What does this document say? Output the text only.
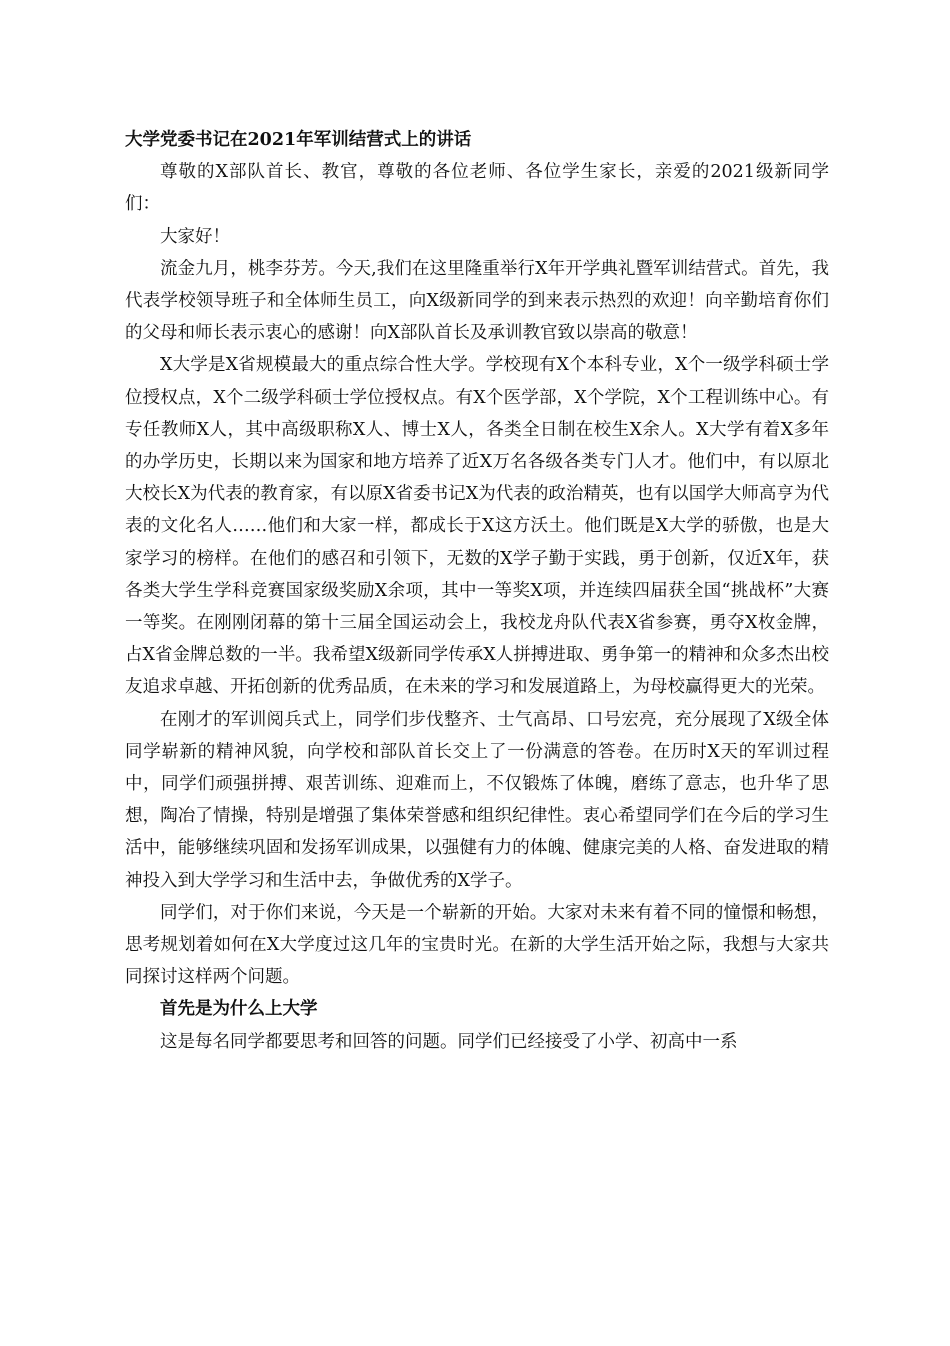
大学党委书记在2021年军训结营式上的讲话

尊敬的X部队首长、教官，尊敬的各位老师、各位学生家长，亲爱的2021级新同学们：

大家好！

流金九月，桃李芬芳。今天,我们在这里隆重举行X年开学典礼暨军训结营式。首先，我代表学校领导班子和全体师生员工，向X级新同学的到来表示热烈的欢迎！向辛勤培育你们的父母和师长表示衷心的感谢！向X部队首长及承训教官致以崇高的敬意！

X大学是X省规模最大的重点综合性大学。学校现有X个本科专业，X个一级学科硕士学位授权点，X个二级学科硕士学位授权点。有X个医学部，X个学院，X个工程训练中心。有专任教师X人，其中高级职称X人、博士X人，各类全日制在校生X余人。X大学有着X多年的办学历史，长期以来为国家和地方培养了近X万名各级各类专门人才。他们中，有以原北大校长X为代表的教育家，有以原X省委书记X为代表的政治精英，也有以国学大师高亨为代表的文化名人……他们和大家一样，都成长于X这方沃土。他们既是X大学的骄傲，也是大家学习的榜样。在他们的感召和引领下，无数的X学子勤于实践，勇于创新，仅近X年，获各类大学生学科竞赛国家级奖励X余项，其中一等奖X项，并连续四届获全国“挑战杯”大赛一等奖。在刚刚闭幕的第十三届全国运动会上，我校龙舟队代表X省参赛，勇夺X枚金牌，占X省金牌总数的一半。我希望X级新同学传承X人拼搏进取、勇争第一的精神和众多杰出校友追求卓越、开拓创新的优秀品质，在未来的学习和发展道路上，为母校赢得更大的光荣。

在刚才的军训阅兵式上，同学们步伐整齐、士气高昂、口号宏亮，充分展现了X级全体同学崭新的精神风貌，向学校和部队首长交上了一份满意的答卷。在历时X天的军训过程中，同学们顽强拼搏、艰苦训练、迎难而上，不仅锻炼了体魄，磨练了意志，也升华了思想，陶冶了情操，特别是增强了集体荣誉感和组织纪律性。衷心希望同学们在今后的学习生活中，能够继续巩固和发扬军训成果，以强健有力的体魄、健康完美的人格、奋发进取的精神投入到大学学习和生活中去，争做优秀的X学子。

同学们，对于你们来说，今天是一个崭新的开始。大家对未来有着不同的憧憬和畅想，思考规划着如何在X大学度过这几年的宝贵时光。在新的大学生活开始之际，我想与大家共同探讨这样两个问题。

首先是为什么上大学

这是每名同学都要思考和回答的问题。同学们已经接受了小学、初高中一系
